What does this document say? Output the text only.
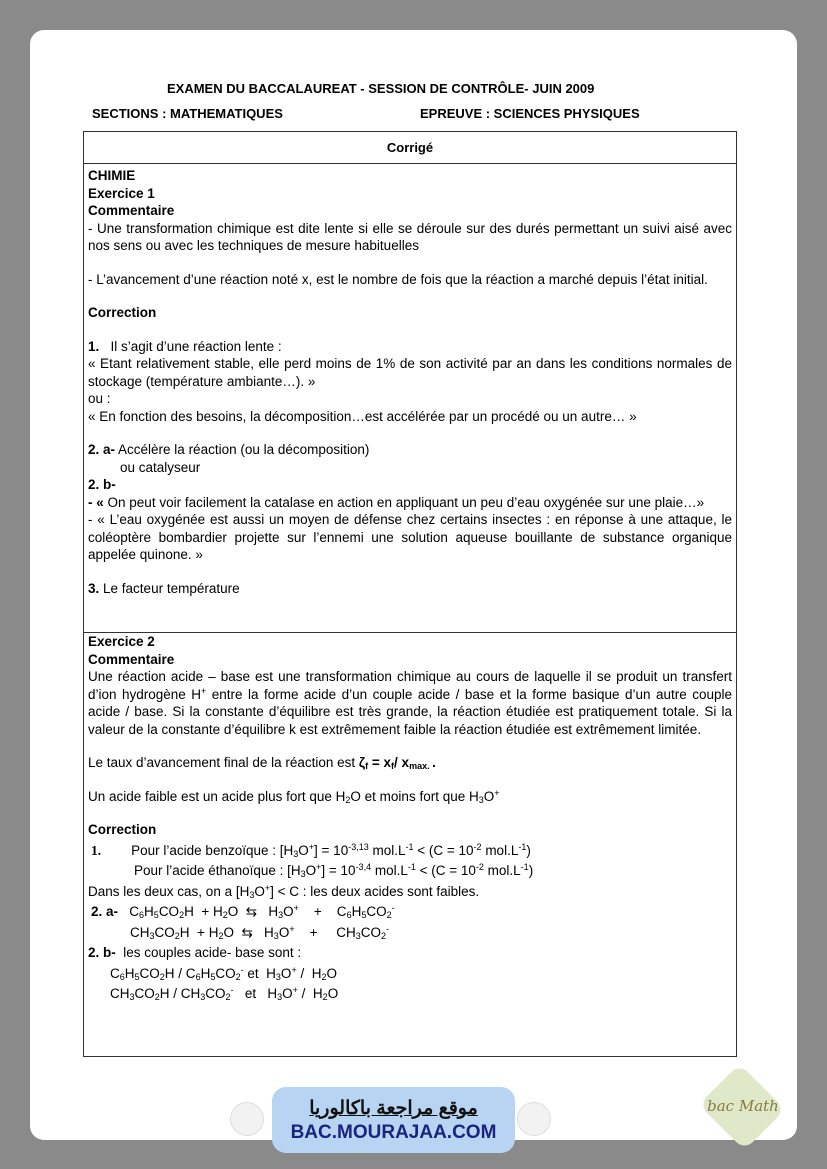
EXAMEN DU BACCALAUREAT - SESSION DE CONTRÔLE- JUIN 2009
SECTIONS : MATHEMATIQUES	EPREUVE : SCIENCES PHYSIQUES
Corrigé

CHIMIE

Exercice 1

Commentaire

- Une transformation chimique est dite lente si elle se déroule sur des durés permettant un suivi aisé avec nos sens ou avec les techniques de mesure habituelles

- L’avancement d’une réaction noté x, est le nombre de fois que la réaction a marché depuis l’état initial.

Correction

1. Il s’agit d’une réaction lente :

« Etant relativement stable, elle perd moins de 1% de son activité par an dans les conditions normales de stockage (température ambiante…). »

ou :

« En fonction des besoins, la décomposition…est accélérée par un procédé ou un autre… »

2. a- Accélère la réaction (ou la décomposition)

ou catalyseur

2. b-

- « On peut voir facilement la catalase en action en appliquant un peu d’eau oxygénée sur une plaie…»

- « L’eau oxygénée est aussi un moyen de défense chez certains insectes : en réponse à une attaque, le coléoptère bombardier projette sur l’ennemi une solution aqueuse bouillante de substance organique appelée quinone. »

3. Le facteur température

Exercice 2

Commentaire

Une réaction acide – base est une transformation chimique au cours de laquelle il se produit un transfert d’ion hydrogène H+ entre la forme acide d’un couple acide / base et la forme basique d’un autre couple acide / base. Si la constante d’équilibre est très grande, la réaction étudiée est pratiquement totale. Si la valeur de la constante d’équilibre k est extrêmement faible la réaction étudiée est extrêmement limitée.

Le taux d’avancement final de la réaction est $\zeta_f = x_f/$ $x_{max.}$ .

Un acide faible est un acide plus fort que $H_2O$ et moins fort que $H_3O^+$

Correction

1. Pour l’acide benzoïque : $[H_3O^+] = 10^{-3,13}$ $mol.L^{-1} < (C = 10^{-2}$ $mol.L^{-1}$)

Pour l’acide éthanoïque : $[H_3O^+] = 10^{-3,4}$ $mol.L^{-1} < (C = 10^{-2}$ $mol.L^{-1}$)

Dans les deux cas, on a $[H_3O^+] < C$ : les deux acides sont faibles.

2. a-   $C_6H_5CO_2H + H_2O$  ⇆   $H_3O^+$ +    $C_6H_5CO_2^-$

$CH_3CO_2H + H_2O$  ⇆   $H_3O^+$ +     $CH_3CO_2^-$

2. b- les couples acide- base sont :

$C_6H_5CO_2H / C_6H_5CO_2^-$ et  $H_3O^+ / H_2O$

$CH_3CO_2H / CH_3CO_2^-$ et   $H_3O^+ / H_2O$

موقع مراجعة باكالوريا
BAC.MOURAJAA.COM
bac Math
